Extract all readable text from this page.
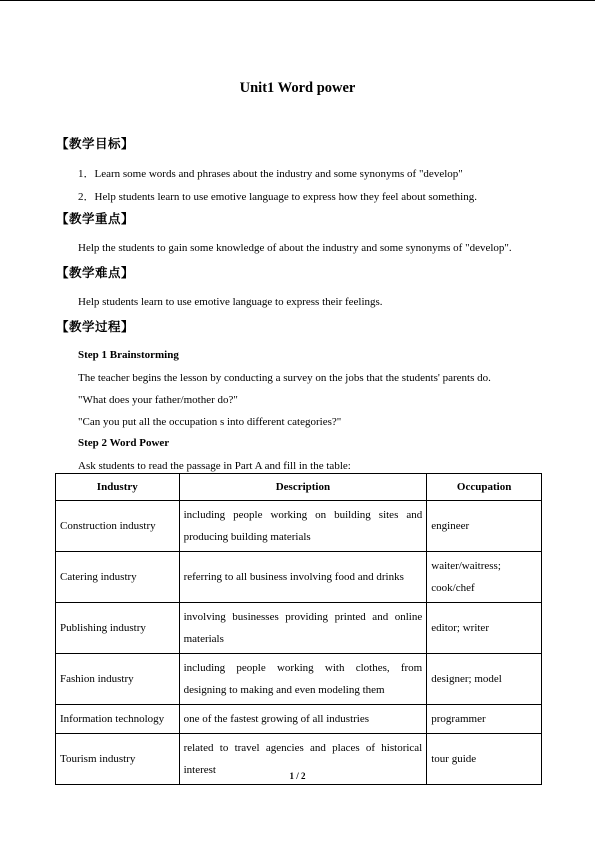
Unit1 Word power
【教学目标】
1．Learn some words and phrases about the industry and some synonyms of "develop"
2．Help students learn to use emotive language to express how they feel about something.
【教学重点】
Help the students to gain some knowledge of about the industry and some synonyms of "develop".
【教学难点】
Help students learn to use emotive language to express their feelings.
【教学过程】
Step 1 Brainstorming
The teacher begins the lesson by conducting a survey on the jobs that the students' parents do.
"What does your father/mother do?"
"Can you put all the occupation s into different categories?"
Step 2 Word Power
Ask students to read the passage in Part A and fill in the table:
Industry	Description	Occupation
Construction industry	including people working on building sites and producing building materials	engineer
Catering industry	referring to all business involving food and drinks	waiter/waitress; cook/chef
Publishing industry	involving businesses providing printed and online materials	editor; writer
Fashion industry	including people working with clothes, from designing to making and even modeling them	designer; model
Information technology	one of the fastest growing of all industries	programmer
Tourism industry	related to travel agencies and places of historical interest	tour guide
1 / 2
